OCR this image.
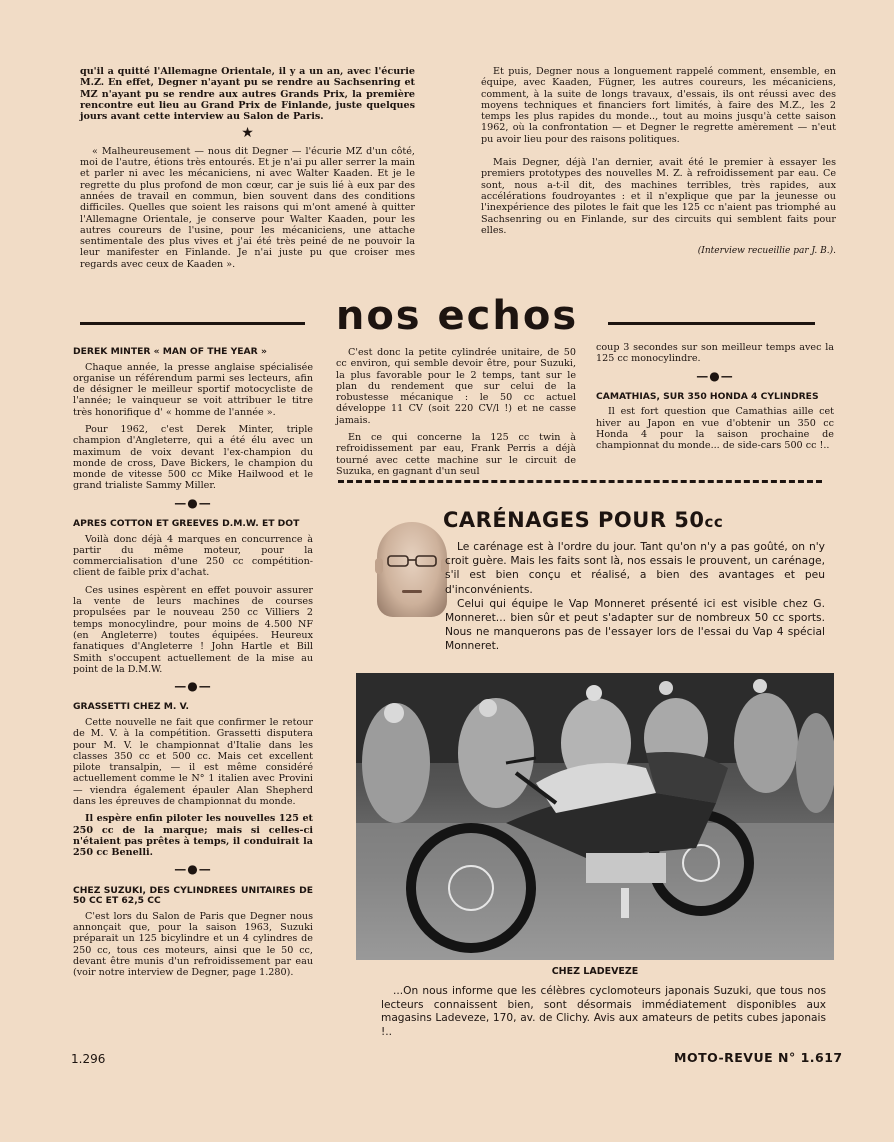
qu'il a quitté l'Allemagne Orientale, il y a un an, avec l'écurie M.Z. En effet, Degner n'ayant pu se rendre au Sachsenring et MZ n'ayant pu se rendre aux autres Grands Prix, la première rencontre eut lieu au Grand Prix de Finlande, juste quelques jours avant cette interview au Salon de Paris.

★

« Malheureusement — nous dit Degner — l'écurie MZ d'un côté, moi de l'autre, étions très entourés. Et je n'ai pu aller serrer la main et parler ni avec les mécaniciens, ni avec Walter Kaaden. Et je le regrette du plus profond de mon cœur, car je suis lié à eux par des années de travail en commun, bien souvent dans des conditions difficiles. Quelles que soient les raisons qui m'ont amené à quitter l'Allemagne Orientale, je conserve pour Walter Kaaden, pour les autres coureurs de l'usine, pour les mécaniciens, une attache sentimentale des plus vives et j'ai été très peiné de ne pouvoir la leur manifester en Finlande. Je n'ai juste pu que croiser mes regards avec ceux de Kaaden ».

Et puis, Degner nous a longuement rappelé comment, ensemble, en équipe, avec Kaaden, Fügner, les autres coureurs, les mécaniciens, comment, à la suite de longs travaux, d'essais, ils ont réussi avec des moyens techniques et financiers fort limités, à faire des M.Z., les 2 temps les plus rapides du monde.., tout au moins jusqu'à cette saison 1962, où la confrontation — et Degner le regrette amèrement — n'eut pu avoir lieu pour des raisons politiques.

Mais Degner, déjà l'an dernier, avait été le premier à essayer les premiers prototypes des nouvelles M. Z. à refroidissement par eau. Ce sont, nous a-t-il dit, des machines terribles, très rapides, aux accélérations foudroyantes : et il n'explique que par la jeunesse ou l'inexpérience des pilotes le fait que les 125 cc n'aient pas triomphé au Sachsenring ou en Finlande, sur des circuits qui semblent faits pour elles.

(Interview recueillie par J. B.).
nos echos
DEREK MINTER « MAN OF THE YEAR »

Chaque année, la presse anglaise spécialisée organise un référendum parmi ses lecteurs, afin de désigner le meilleur sportif motocycliste de l'année; le vainqueur se voit attribuer le titre très honorifique d' « homme de l'année ».

Pour 1962, c'est Derek Minter, triple champion d'Angleterre, qui a été élu avec un maximum de voix devant l'ex-champion du monde de cross, Dave Bickers, le champion du monde de vitesse 500 cc Mike Hailwood et le grand trialiste Sammy Miller.

—●—
APRES COTTON ET GREEVES D.M.W. ET DOT

Voilà donc déjà 4 marques en concurrence à partir du même moteur, pour la commercialisation d'une 250 cc compétition-client de faible prix d'achat.

Ces usines espèrent en effet pouvoir assurer la vente de leurs machines de courses propulsées par le nouveau 250 cc Villiers 2 temps monocylindre, pour moins de 4.500 NF (en Angleterre) toutes équipées. Heureux fanatiques d'Angleterre ! John Hartle et Bill Smith s'occupent actuellement de la mise au point de la D.M.W.

—●—
GRASSETTI CHEZ M. V.

Cette nouvelle ne fait que confirmer le retour de M. V. à la compétition. Grassetti disputera pour M. V. le championnat d'Italie dans les classes 350 cc et 500 cc. Mais cet excellent pilote transalpin, — il est même considéré actuellement comme le N° 1 italien avec Provini — viendra également épauler Alan Shepherd dans les épreuves de championnat du monde.

Il espère enfin piloter les nouvelles 125 et 250 cc de la marque; mais si celles-ci n'étaient pas prêtes à temps, il conduirait la 250 cc Benelli.

—●—
CHEZ SUZUKI, DES CYLINDREES UNITAIRES DE 50 CC ET 62,5 CC

C'est lors du Salon de Paris que Degner nous annonçait que, pour la saison 1963, Suzuki préparait un 125 bicylindre et un 4 cylindres de 250 cc, tous ces moteurs, ainsi que le 50 cc, devant être munis d'un refroidissement par eau (voir notre interview de Degner, page 1.280).

C'est donc la petite cylindrée unitaire, de 50 cc environ, qui semble devoir être, pour Suzuki, la plus favorable pour le 2 temps, tant sur le plan du rendement que sur celui de la robustesse mécanique : le 50 cc actuel développe 11 CV (soit 220 CV/l !) et ne casse jamais.

En ce qui concerne la 125 cc twin à refroidissement par eau, Frank Perris a déjà tourné avec cette machine sur le circuit de Suzuka, en gagnant d'un seul

coup 3 secondes sur son meilleur temps avec la 125 cc monocylindre.

—●—
CAMATHIAS, SUR 350 HONDA 4 CYLINDRES

Il est fort question que Camathias aille cet hiver au Japon en vue d'obtenir un 350 cc Honda 4 pour la saison prochaine de championnat du monde... de side-cars 500 cc !..

CARÉNAGES POUR 50cc

Le carénage est à l'ordre du jour. Tant qu'on n'y a pas goûté, on n'y croit guère. Mais les faits sont là, nos essais le prouvent, un carénage, s'il est bien conçu et réalisé, a bien des avantages et peu d'inconvénients.

Celui qui équipe le Vap Monneret présenté ici est visible chez G. Monneret... bien sûr et peut s'adapter sur de nombreux 50 cc sports. Nous ne manquerons pas de l'essayer lors de l'essai du Vap 4 spécial Monneret.

CHEZ LADEVEZE

...On nous informe que les célèbres cyclomoteurs japonais Suzuki, que tous nos lecteurs connaissent bien, sont désormais immédiatement disponibles aux magasins Ladeveze, 170, av. de Clichy. Avis aux amateurs de petits cubes japonais !..

1.296	MOTO-REVUE N° 1.617
